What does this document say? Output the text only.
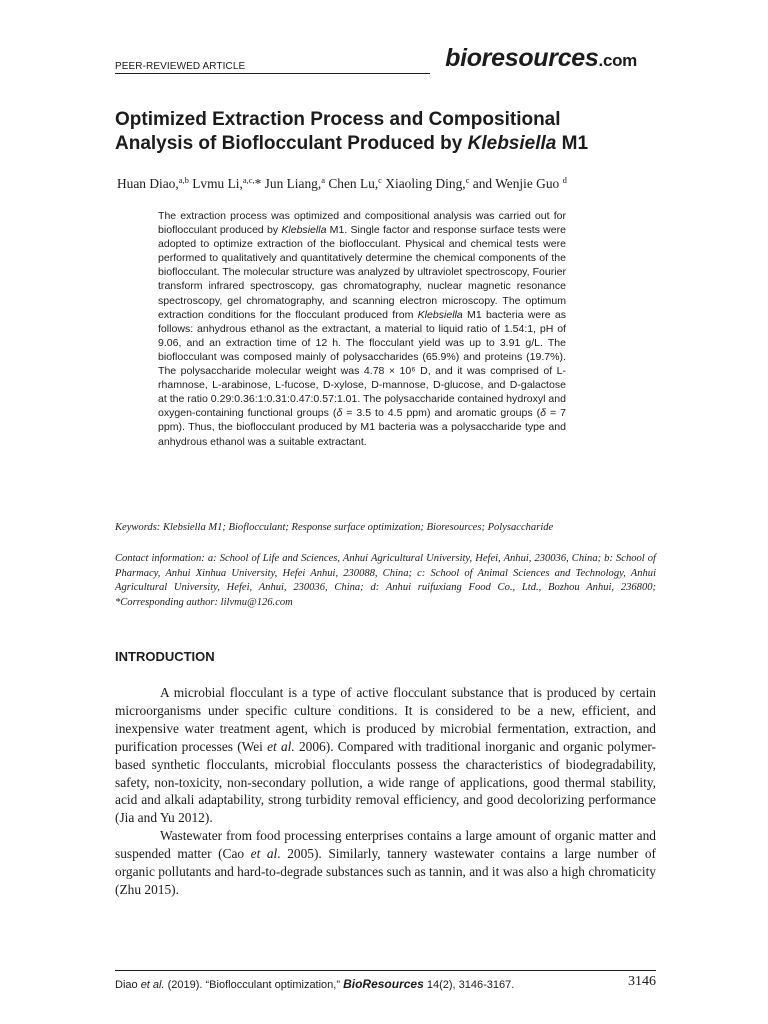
PEER-REVIEWED ARTICLE	bioresources.com
Optimized Extraction Process and Compositional
Analysis of Bioflocculant Produced by Klebsiella M1
Huan Diao,$^{a,b}$ Lvmu Li,$^{a,c,}$* Jun Liang,$^a$ Chen Lu,$^c$ Xiaoling Ding,$^c$ and Wenjie Guo $^d$
The extraction process was optimized and compositional analysis was carried out for bioflocculant produced by Klebsiella M1. Single factor and response surface tests were adopted to optimize extraction of the bioflocculant. Physical and chemical tests were performed to qualitatively and quantitatively determine the chemical components of the bioflocculant. The molecular structure was analyzed by ultraviolet spectroscopy, Fourier transform infrared spectroscopy, gas chromatography, nuclear magnetic resonance spectroscopy, gel chromatography, and scanning electron microscopy. The optimum extraction conditions for the flocculant produced from Klebsiella M1 bacteria were as follows: anhydrous ethanol as the extractant, a material to liquid ratio of 1.54:1, pH of 9.06, and an extraction time of 12 h. The flocculant yield was up to 3.91 g/L. The bioflocculant was composed mainly of polysaccharides (65.9%) and proteins (19.7%). The polysaccharide molecular weight was 4.78 × 10⁶ D, and it was comprised of L-rhamnose, L-arabinose, L-fucose, D-xylose, D-mannose, D-glucose, and D-galactose at the ratio 0.29:0.36:1:0.31:0.47:0.57:1.01. The polysaccharide contained hydroxyl and oxygen-containing functional groups (δ = 3.5 to 4.5 ppm) and aromatic groups (δ = 7 ppm). Thus, the bioflocculant produced by M1 bacteria was a polysaccharide type and anhydrous ethanol was a suitable extractant.
Keywords: Klebsiella M1; Bioflocculant; Response surface optimization; Bioresources; Polysaccharide
Contact information: a: School of Life and Sciences, Anhui Agricultural University, Hefei, Anhui, 230036, China; b: School of Pharmacy, Anhui Xinhua University, Hefei Anhui, 230088, China; c: School of Animal Sciences and Technology, Anhui Agricultural University, Hefei, Anhui, 230036, China; d: Anhui ruifuxiang Food Co., Ltd., Bozhou Anhui, 236800; *Corresponding author: lilvmu@126.com
INTRODUCTION

A microbial flocculant is a type of active flocculant substance that is produced by certain microorganisms under specific culture conditions. It is considered to be a new, efficient, and inexpensive water treatment agent, which is produced by microbial fermentation, extraction, and purification processes (Wei et al. 2006). Compared with traditional inorganic and organic polymer-based synthetic flocculants, microbial flocculants possess the characteristics of biodegradability, safety, non-toxicity, non-secondary pollution, a wide range of applications, good thermal stability, acid and alkali adaptability, strong turbidity removal efficiency, and good decolorizing performance (Jia and Yu 2012).

Wastewater from food processing enterprises contains a large amount of organic matter and suspended matter (Cao et al. 2005). Similarly, tannery wastewater contains a large number of organic pollutants and hard-to-degrade substances such as tannin, and it was also a high chromaticity (Zhu 2015).

Diao et al. (2019). “Bioflocculant optimization,” BioResources 14(2), 3146-3167.	3146
